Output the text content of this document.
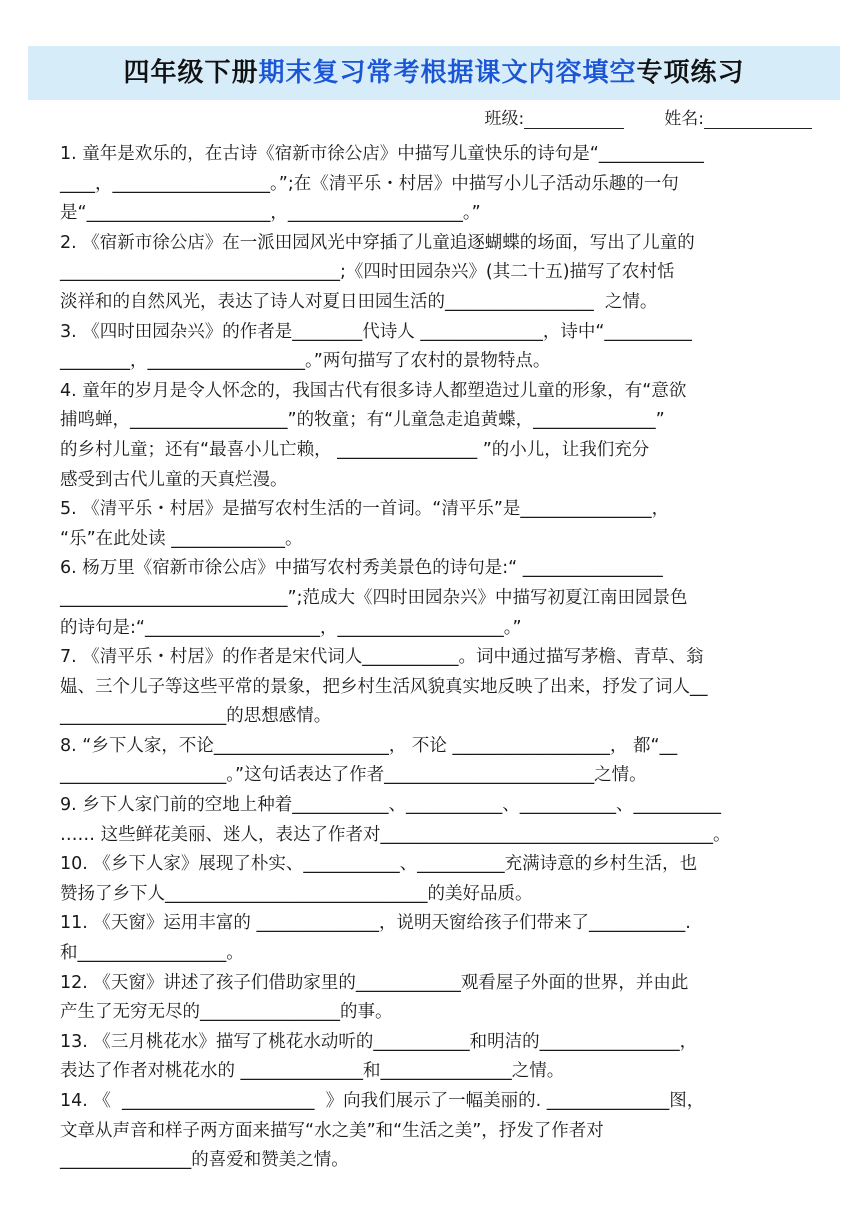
四年级下册期末复习常考根据课文内容填空专项练习
班级:	姓名:

1. 童年是欢乐的，在古诗《宿新市徐公店》中描写儿童快乐的诗句是“____________
____，__________________。”;在《清平乐・村居》中描写小儿子活动乐趣的一句
是“_____________________，____________________。”

2. 《宿新市徐公店》在一派田园风光中穿插了儿童追逐蝴蝶的场面，写出了儿童的
________________________________;《四时田园杂兴》(其二十五)描写了农村恬
淡祥和的自然风光，表达了诗人对夏日田园生活的_________________  之情。

3. 《四时田园杂兴》的作者是________代诗人 ______________，诗中“__________
________，__________________。”两句描写了农村的景物特点。

4. 童年的岁月是令人怀念的，我国古代有很多诗人都塑造过儿童的形象，有“意欲
捕鸣蝉，__________________”的牧童；有“儿童急走追黄蝶，______________”
的乡村儿童；还有“最喜小儿亡赖， ________________ ”的小儿，让我们充分
感受到古代儿童的天真烂漫。

5. 《清平乐・村居》是描写农村生活的一首词。“清平乐”是_______________，
“乐”在此处读 _____________。

6. 杨万里《宿新市徐公店》中描写农村秀美景色的诗句是:“ ________________
__________________________”;范成大《四时田园杂兴》中描写初夏江南田园景色
的诗句是:“____________________，___________________。”

7. 《清平乐・村居》的作者是宋代词人___________。词中通过描写茅檐、青草、翁
媪、三个儿子等这些平常的景象，把乡村生活风貌真实地反映了出来，抒发了词人__
___________________的思想感情。

8. “乡下人家，不论____________________， 不论 __________________， 都“__
___________________。”这句话表达了作者________________________之情。

9. 乡下人家门前的空地上种着___________、___________、___________、__________
…… 这些鲜花美丽、迷人，表达了作者对______________________________________。

10. 《乡下人家》展现了朴实、___________、__________充满诗意的乡村生活，也
赞扬了乡下人______________________________的美好品质。

11. 《天窗》运用丰富的 ______________，说明天窗给孩子们带来了___________.
和_________________。

12. 《天窗》讲述了孩子们借助家里的____________观看屋子外面的世界，并由此
产生了无穷无尽的________________的事。

13. 《三月桃花水》描写了桃花水动听的___________和明洁的________________，
表达了作者对桃花水的 ______________和_______________之情。

14. 《  ______________________  》向我们展示了一幅美丽的. ______________图，
文章从声音和样子两方面来描写“水之美”和“生活之美”，抒发了作者对
_______________的喜爱和赞美之情。
